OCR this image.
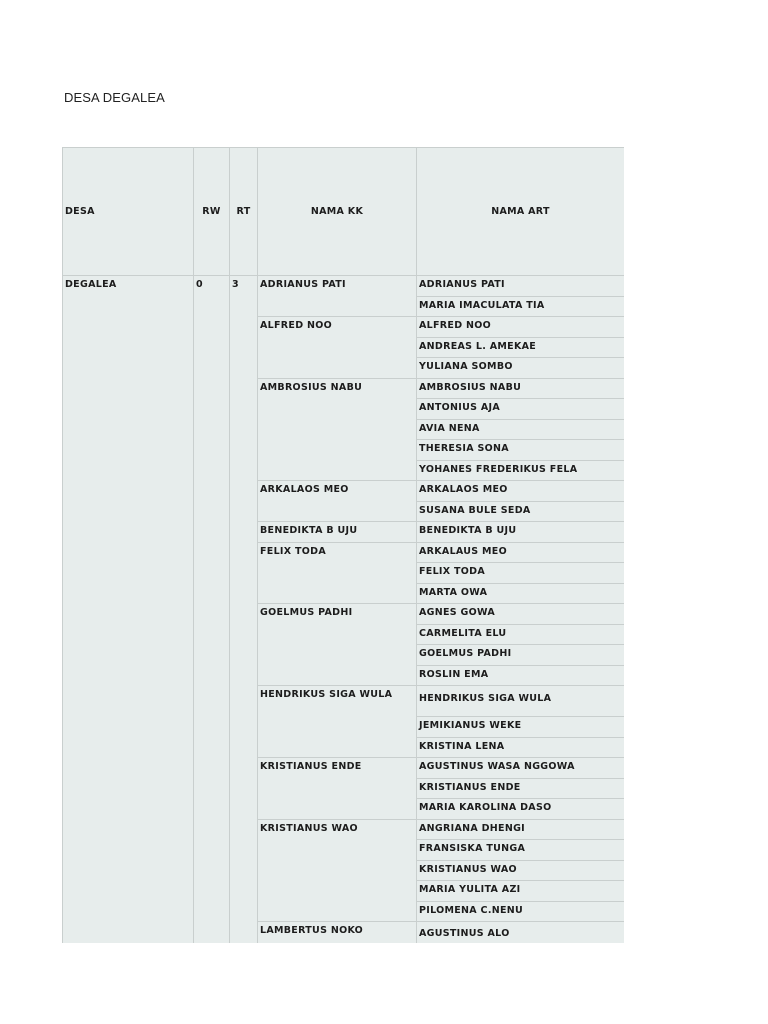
DESA DEGALEA
DESA	RW	RT	NAMA KK	NAMA ART
DEGALEA	0	3	ADRIANUS PATI	ADRIANUS PATI
				MARIA IMACULATA TIA
			ALFRED NOO	ALFRED NOO
				ANDREAS L. AMEKAE
				YULIANA SOMBO
			AMBROSIUS NABU	AMBROSIUS NABU
				ANTONIUS AJA
				AVIA NENA
				THERESIA SONA
				YOHANES FREDERIKUS FELA
			ARKALAOS MEO	ARKALAOS MEO
				SUSANA BULE SEDA
			BENEDIKTA B UJU	BENEDIKTA B UJU
			FELIX TODA	ARKALAUS MEO
				FELIX TODA
				MARTA OWA
			GOELMUS PADHI	AGNES GOWA
				CARMELITA ELU
				GOELMUS PADHI
				ROSLIN EMA
			HENDRIKUS SIGA WULA	HENDRIKUS SIGA WULA
				JEMIKIANUS WEKE
				KRISTINA LENA
			KRISTIANUS ENDE	AGUSTINUS WASA NGGOWA
				KRISTIANUS ENDE
				MARIA KAROLINA DASO
			KRISTIANUS WAO	ANGRIANA DHENGI
				FRANSISKA TUNGA
				KRISTIANUS WAO
				MARIA YULITA AZI
				PILOMENA C.NENU
			LAMBERTUS NOKO	AGUSTINUS ALO
